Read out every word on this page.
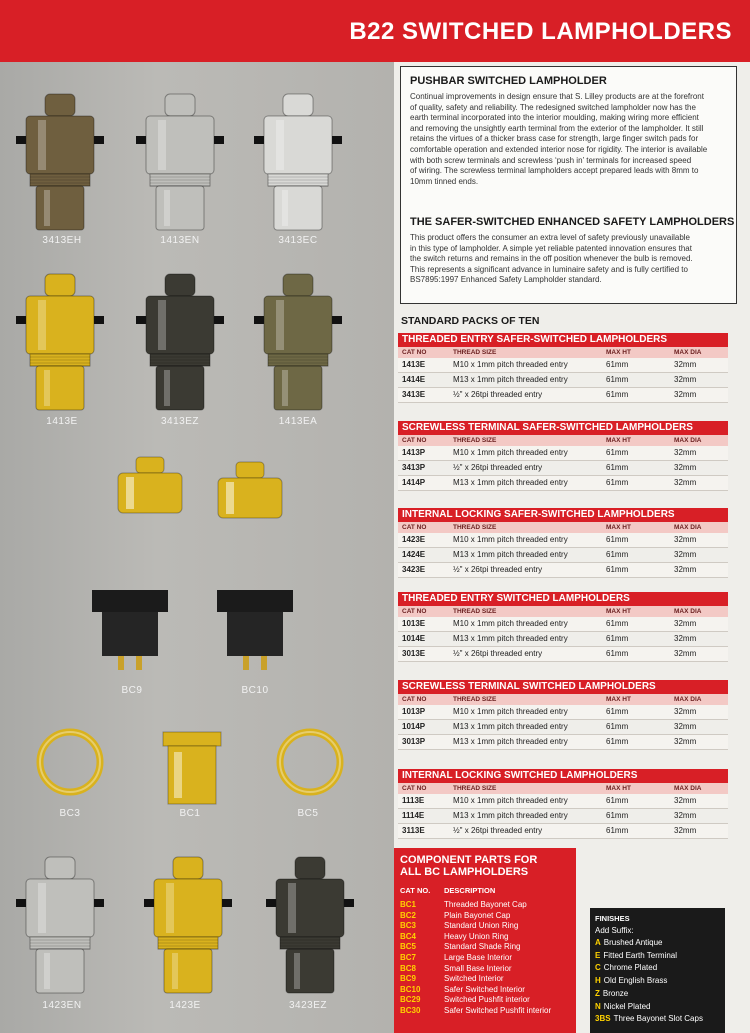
B22 SWITCHED LAMPHOLDERS
3413EH	1413EN	3413EC
1413E	3413EZ	1413EA
BC9	BC10
BC3	BC1	BC5
1423EN	1423E	3423EZ
PUSHBAR SWITCHED LAMPHOLDER
Continual improvements in design ensure that S. Lilley products are at the forefront
of quality, safety and reliability. The redesigned switched lampholder now has the
earth terminal incorporated into the interior moulding, making wiring more efficient
and removing the unsightly earth terminal from the exterior of the lampholder. It still
retains the virtues of a thicker brass case for strength, large finger switch pads for
comfortable operation and extended interior nose for rigidity. The interior is available
with both screw terminals and screwless ‘push in’ terminals for increased speed
of wiring. The screwless terminal lampholders accept prepared leads with 8mm to
10mm tinned ends.
THE SAFER-SWITCHED ENHANCED SAFETY LAMPHOLDERS
This product offers the consumer an extra level of safety previously unavailable
in this type of lampholder. A simple yet reliable patented innovation ensures that
the switch returns and remains in the off position whenever the bulb is removed.
This represents a significant advance in luminaire safety and is fully certified to
BS7895:1997 Enhanced Safety Lampholder standard.
STANDARD PACKS OF TEN
THREADED ENTRY SAFER-SWITCHED LAMPHOLDERS
CAT NO	THREAD SIZE	MAX HT	MAX DIA
1413E	M10 x 1mm pitch threaded entry	61mm	32mm
1414E	M13 x 1mm pitch threaded entry	61mm	32mm
3413E	½" x 26tpi threaded entry	61mm	32mm
SCREWLESS TERMINAL SAFER-SWITCHED LAMPHOLDERS
CAT NO	THREAD SIZE	MAX HT	MAX DIA
1413P	M10 x 1mm pitch threaded entry	61mm	32mm
3413P	½" x 26tpi threaded entry	61mm	32mm
1414P	M13 x 1mm pitch threaded entry	61mm	32mm
INTERNAL LOCKING SAFER-SWITCHED LAMPHOLDERS
CAT NO	THREAD SIZE	MAX HT	MAX DIA
1423E	M10 x 1mm pitch threaded entry	61mm	32mm
1424E	M13 x 1mm pitch threaded entry	61mm	32mm
3423E	½" x 26tpi threaded entry	61mm	32mm
THREADED ENTRY SWITCHED LAMPHOLDERS
CAT NO	THREAD SIZE	MAX HT	MAX DIA
1013E	M10 x 1mm pitch threaded entry	61mm	32mm
1014E	M13 x 1mm pitch threaded entry	61mm	32mm
3013E	½" x 26tpi threaded entry	61mm	32mm
SCREWLESS TERMINAL SWITCHED LAMPHOLDERS
CAT NO	THREAD SIZE	MAX HT	MAX DIA
1013P	M10 x 1mm pitch threaded entry	61mm	32mm
1014P	M13 x 1mm pitch threaded entry	61mm	32mm
3013P	M13 x 1mm pitch threaded entry	61mm	32mm
INTERNAL LOCKING SWITCHED LAMPHOLDERS
CAT NO	THREAD SIZE	MAX HT	MAX DIA
1113E	M10 x 1mm pitch threaded entry	61mm	32mm
1114E	M13 x 1mm pitch threaded entry	61mm	32mm
3113E	½" x 26tpi threaded entry	61mm	32mm
COMPONENT PARTS FOR
ALL BC LAMPHOLDERS
CAT NO. DESCRIPTION
BC1	Threaded Bayonet Cap
BC2	Plain Bayonet Cap
BC3	Standard Union Ring
BC4	Heavy Union Ring
BC5	Standard Shade Ring
BC7	Large Base Interior
BC8	Small Base Interior
BC9	Switched Interior
BC10	Safer Switched Interior
BC29	Switched Pushfit interior
BC30	Safer Switched Pushfit interior
FINISHES
Add Suffix:
A Brushed Antique
E Fitted Earth Terminal
C Chrome Plated
H Old English Brass
Z Bronze
N Nickel Plated
3BS Three Bayonet Slot Caps
